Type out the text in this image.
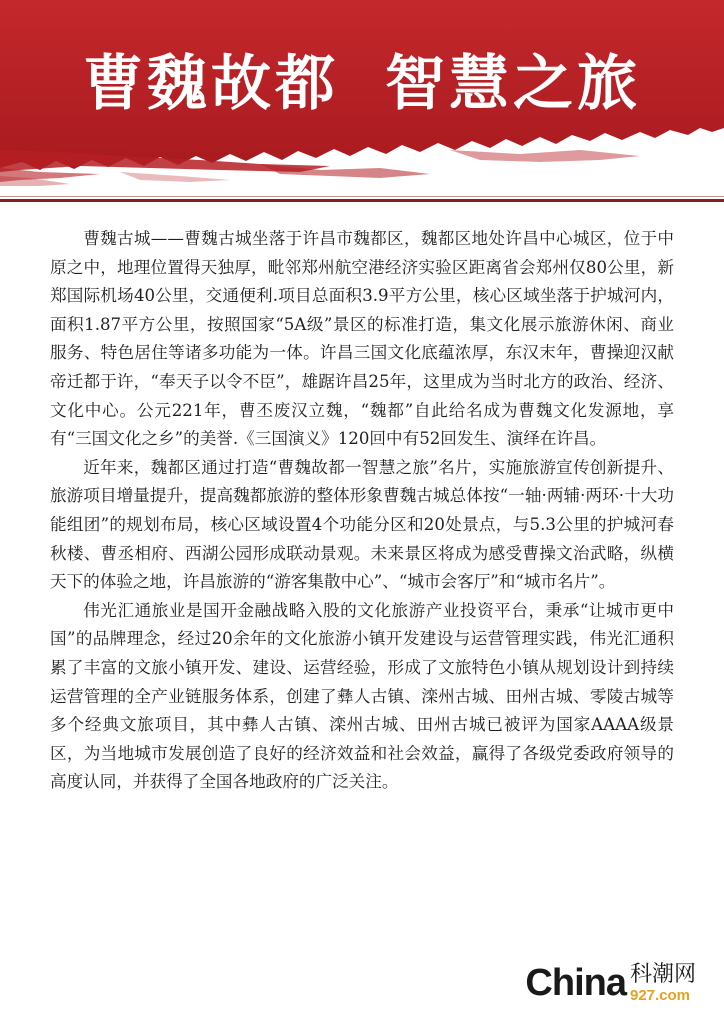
曹魏故都 智慧之旅

曹魏古城——曹魏古城坐落于许昌市魏都区，魏都区地处许昌中心城区，位于中原之中，地理位置得天独厚，毗邻郑州航空港经济实验区距离省会郑州仅80公里，新郑国际机场40公里，交通便利.项目总面积3.9平方公里，核心区域坐落于护城河内，面积1.87平方公里，按照国家“5A级”景区的标准打造，集文化展示旅游休闲、商业服务、特色居住等诸多功能为一体。许昌三国文化底蕴浓厚，东汉末年，曹操迎汉献帝迁都于许，“奉天子以令不臣”，雄踞许昌25年，这里成为当时北方的政治、经济、文化中心。公元221年，曹丕废汉立魏，“魏都”自此给名成为曹魏文化发源地，享有“三国文化之乡”的美誉.《三国演义》120回中有52回发生、演绎在许昌。

近年来，魏都区通过打造“曹魏故都一智慧之旅”名片，实施旅游宣传创新提升、旅游项目增量提升，提高魏都旅游的整体形象曹魏古城总体按“一轴·两辅·两环·十大功能组团”的规划布局，核心区域设置4个功能分区和20处景点，与5.3公里的护城河春秋楼、曹丞相府、西湖公园形成联动景观。未来景区将成为感受曹操文治武略，纵横天下的体验之地，许昌旅游的“游客集散中心”、“城市会客厅”和“城市名片”。

伟光汇通旅业是国开金融战略入股的文化旅游产业投资平台，秉承“让城市更中国”的品牌理念，经过20余年的文化旅游小镇开发建设与运营管理实践，伟光汇通积累了丰富的文旅小镇开发、建设、运营经验，形成了文旅特色小镇从规划设计到持续运营管理的全产业链服务体系，创建了彝人古镇、滦州古城、田州古城、零陵古城等多个经典文旅项目，其中彝人古镇、滦州古城、田州古城已被评为国家AAAA级景区，为当地城市发展创造了良好的经济效益和社会效益，赢得了各级党委政府领导的高度认同，并获得了全国各地政府的广泛关注。

China 科潮网
927.com
